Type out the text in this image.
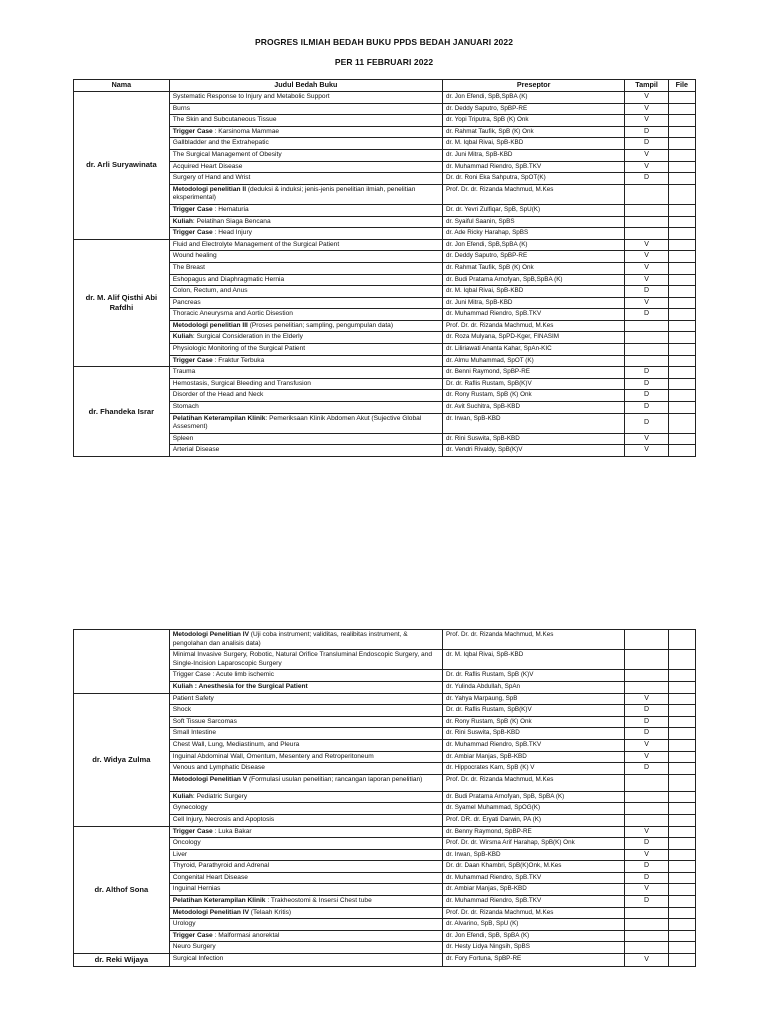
PROGRES ILMIAH BEDAH BUKU PPDS BEDAH JANUARI 2022
PER 11 FEBRUARI 2022
Nama	Judul Bedah Buku	Preseptor	Tampil	File
dr. Arli Suryawinata	Systematic Response to Injury and Metabolic Support	dr. Jon Efendi, SpB,SpBA (K)	V	
	Burns	dr. Deddy Saputro, SpBP-RE	V	
	The Skin and Subcutaneous Tissue	dr. Yopi Triputra, SpB (K) Onk	V	
	Trigger Case : Karsinoma Mammae	dr. Rahmat Taufik, SpB (K) Onk	D	
	Gallbladder and the Extrahepatic	dr. M. Iqbal Rivai, SpB-KBD	D	
	The Surgical Management of Obesity	dr. Juni Mitra, SpB-KBD	V	
	Acquired Heart Disease	dr. Muhammad Riendro, SpB.TKV	V	
	Surgery of Hand and Wrist	Dr. dr. Roni Eka Sahputra, SpOT(K)	D	
	Metodologi penelitian II (deduksi & induksi; jenis-jenis penelitian ilmiah, penelitian eksperimental)	Prof. Dr. dr. Rizanda Machmud, M.Kes		
	Trigger Case : Hematuria	Dr. dr. Yevri Zulfiqar, SpB, SpU(K)		
	Kuliah: Pelatihan Siaga Bencana	dr. Syaiful Saanin, SpBS		
	Trigger Case : Head Injury	dr. Ade Ricky Harahap, SpBS		
dr. M. Alif Qisthi Abi Rafdhi	Fluid and Electrolyte Management of the Surgical Patient	dr. Jon Efendi, SpB,SpBA (K)	V	
	Wound healing	dr. Deddy Saputro, SpBP-RE	V	
	The Breast	dr. Rahmat Taufik, SpB (K) Onk	V	
	Eshopagus and Diaphragmatic Hernia	dr. Budi Pratama Arnofyan, SpB,SpBA (K)	V	
	Colon, Rectum, and Anus	dr. M. Iqbal Rivai, SpB-KBD	D	
	Pancreas	dr. Juni Mitra, SpB-KBD	V	
	Thoracic Aneurysma and Aortic Disestion	dr. Muhammad Riendro, SpB.TKV	D	
	Metodologi penelitian III (Proses penelitian; sampling, pengumpulan data)	Prof. Dr. dr. Rizanda Machmud, M.Kes		
	Kuliah: Surgical Consideration in the Elderly	dr. Roza Mulyana, SpPD-Kger, FINASIM		
	Physiologic Monitoring of the Surgical Patient	dr. Liliriawati Ananta Kahar, SpAn-KIC		
	Trigger Case : Fraktur Terbuka	dr. Almu Muhammad, SpOT (K)		
dr. Fhandeka Israr	Trauma	dr. Benni Raymond, SpBP-RE	D	
	Hemostasis, Surgical Bleeding and Transfusion	Dr. dr. Raflis Rustam, SpB(K)V	D	
	Disorder of the Head and Neck	dr. Rony Rustam, SpB (K) Onk	D	
	Stomach	dr. Avit Suchitra, SpB-KBD	D	
	Pelatihan Keterampilan Klinik: Pemeriksaan Klinik Abdomen Akut (Sujective Global Assesment)	dr. Irwan, SpB-KBD	D	
	Spleen	dr. Rini Suswita, SpB-KBD	V	
	Arterial Disease	dr. Vendri Rivaldy, SpB(K)V	V	
	Metodologi Penelitian IV (Uji coba instrument; validitas, realibitas instrument, & pengolahan dan analisis data)	Prof. Dr. dr. Rizanda Machmud, M.Kes		
	Minimal Invasive Surgery, Robotic, Natural Orifice Transluminal Endoscopic Surgery, and Single-Incision Laparoscopic Surgery	dr. M. Iqbal Rivai, SpB-KBD		
	Trigger Case : Acute limb ischemic	Dr. dr. Raflis Rustam, SpB (K)V		
	Kuliah : Anesthesia for the Surgical Patient	dr. Yulinda Abdullah, SpAn		
dr. Widya Zulma	Patient Safety	dr. Yahya Marpaung, SpB	V	
	Shock	Dr. dr. Raflis Rustam, SpB(K)V	D	
	Soft Tissue Sarcomas	dr. Rony Rustam, SpB (K) Onk	D	
	Small Intestine	dr. Rini Suswita, SpB-KBD	D	
	Chest Wall, Lung, Mediastinum, and Pleura	dr. Muhammad Riendro, SpB.TKV	V	
	Inguinal Abdominal Wall, Omentum, Mesentery and Retroperitoneum	dr. Ambiar Manjas, SpB-KBD	V	
	Venous and Lymphatic Disease	dr. Hippocrates Kam, SpB (K) V	D	
	Metodologi Penelitian V (Formulasi usulan penelitian; rancangan laporan penelitian)	Prof. Dr. dr. Rizanda Machmud, M.Kes		
	Kuliah: Pediatric Surgery	dr. Budi Pratama Arnofyan, SpB, SpBA (K)		
	Gynecology	dr. Syamel Muhammad, SpOG(K)		
	Cell Injury, Necrosis and Apoptosis	Prof. DR. dr. Eryati Darwin, PA (K)		
dr. Althof Sona	Trigger Case : Luka Bakar	dr. Benny Raymond, SpBP-RE	V	
	Oncology	Prof. Dr. dr. Wirsma Arif Harahap, SpB(K) Onk	D	
	Liver	dr. Irwan, SpB-KBD	V	
	Thyroid, Parathyroid and Adrenal	Dr. dr. Daan Khambri, SpB(K)Onk, M.Kes	D	
	Congenital Heart Disease	dr. Muhammad Riendro, SpB.TKV	D	
	Inguinal Hernias	dr. Ambiar Manjas, SpB-KBD	V	
	Pelatihan Keterampilan Klinik : Trakheostomi & Insersi Chest tube	dr. Muhammad Riendro, SpB.TKV	D	
	Metodologi Penelitian IV (Telaah Kritis)	Prof. Dr. dr. Rizanda Machmud, M.Kes		
	Urology	dr. Alvarino, SpB, SpU (K)		
	Trigger Case : Malformasi anorektal	dr. Jon Efendi, SpB, SpBA (K)		
	Neuro Surgery	dr. Hesty Lidya Ningsih, SpBS		
dr. Reki Wijaya	Surgical Infection	dr. Fory Fortuna, SpBP-RE	V	
